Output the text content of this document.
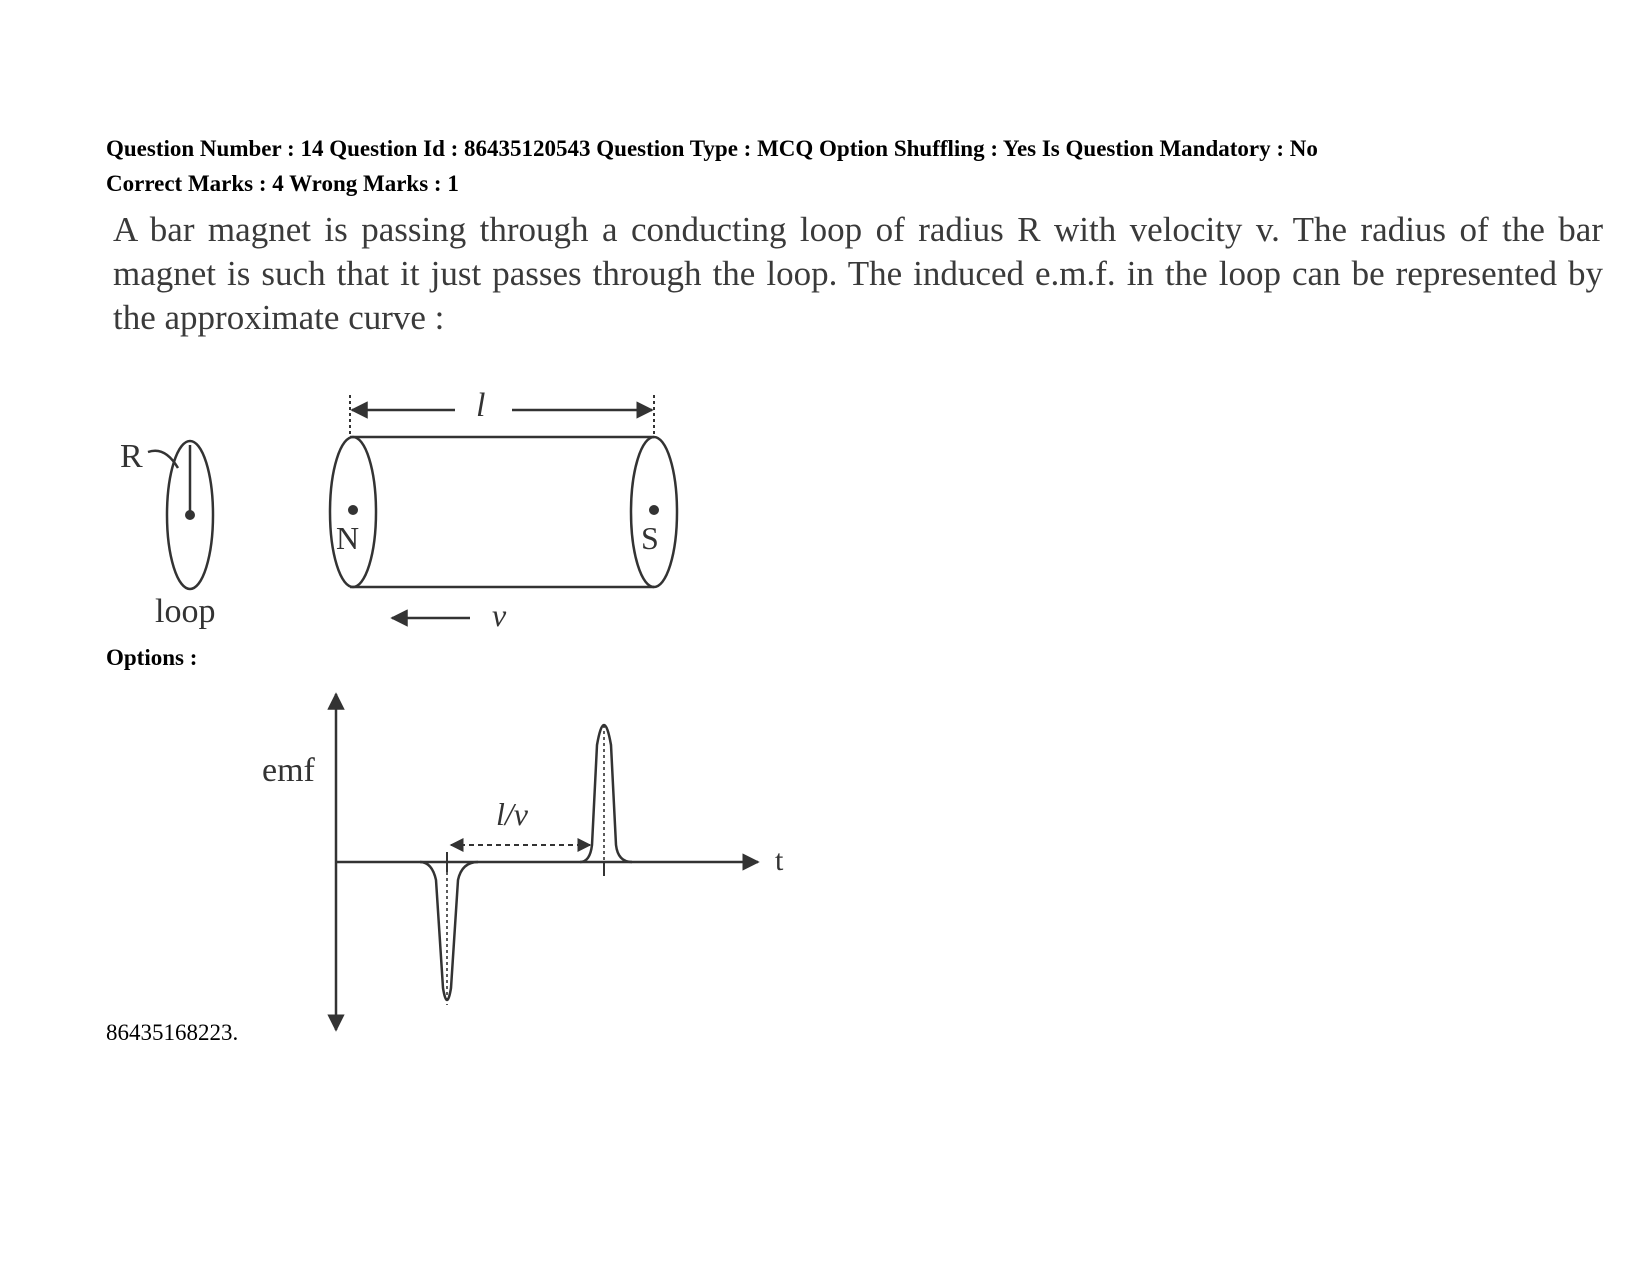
Question Number : 14 Question Id : 86435120543 Question Type : MCQ Option Shuffling : Yes Is Question Mandatory : No
Correct Marks : 4 Wrong Marks : 1
A bar magnet is passing through a conducting loop of radius R with velocity v. The radius of the bar magnet is such that it just passes through the loop. The induced e.m.f. in the loop can be represented by the approximate curve :
R
loop
N	S
l
v
emf
t
l/v
Options :
86435168223.
